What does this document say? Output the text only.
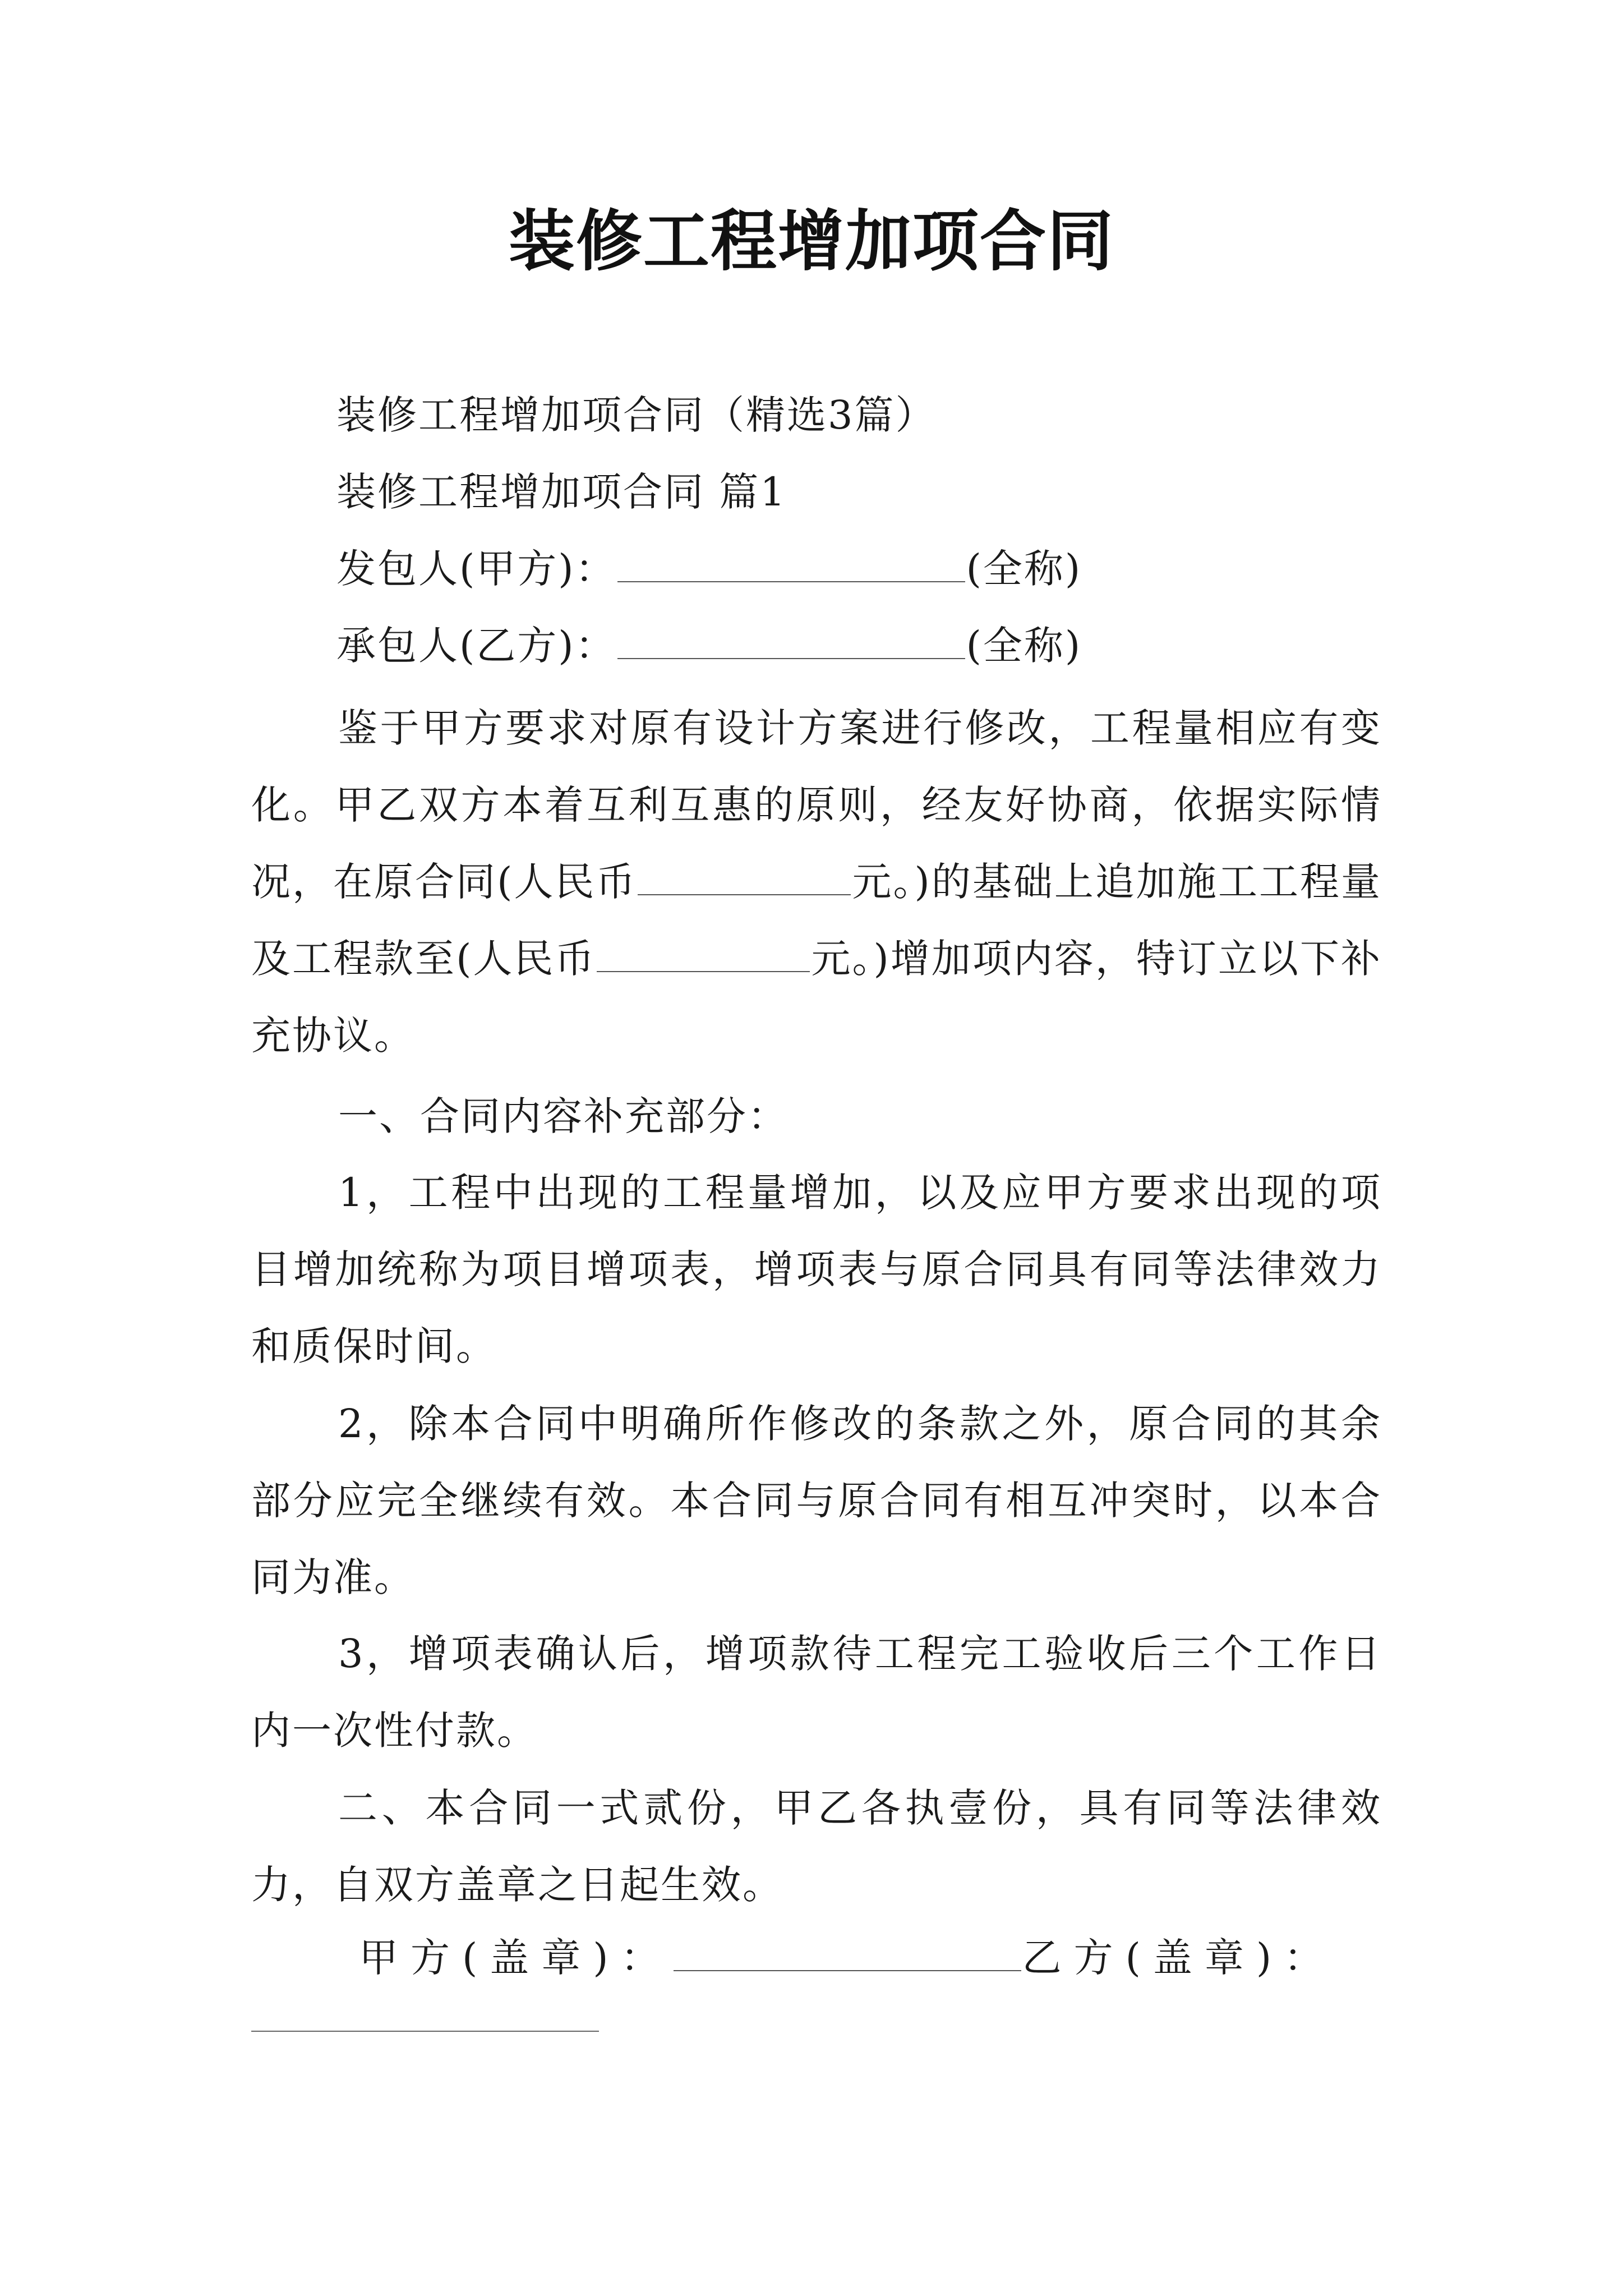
装修工程增加项合同
装修工程增加项合同（精选3篇）
装修工程增加项合同 篇1
发包人(甲方)：	(全称)
承包人(乙方)：	(全称)

鉴于甲方要求对原有设计方案进行修改，工程量相应有变化。甲乙双方本着互利互惠的原则，经友好协商，依据实际情况，在原合同(人民币	元。)的基础上追加施工工程量及工程款至(人民币	元。)增加项内容，特订立以下补充协议。

一、合同内容补充部分：

1，工程中出现的工程量增加，以及应甲方要求出现的项目增加统称为项目增项表，增项表与原合同具有同等法律效力和质保时间。

2，除本合同中明确所作修改的条款之外，原合同的其余部分应完全继续有效。本合同与原合同有相互冲突时，以本合同为准。

3，增项表确认后，增项款待工程完工验收后三个工作日内一次性付款。

二、本合同一式贰份，甲乙各执壹份，具有同等法律效力，自双方盖章之日起生效。

甲方(盖章)：	乙方(盖章)：
